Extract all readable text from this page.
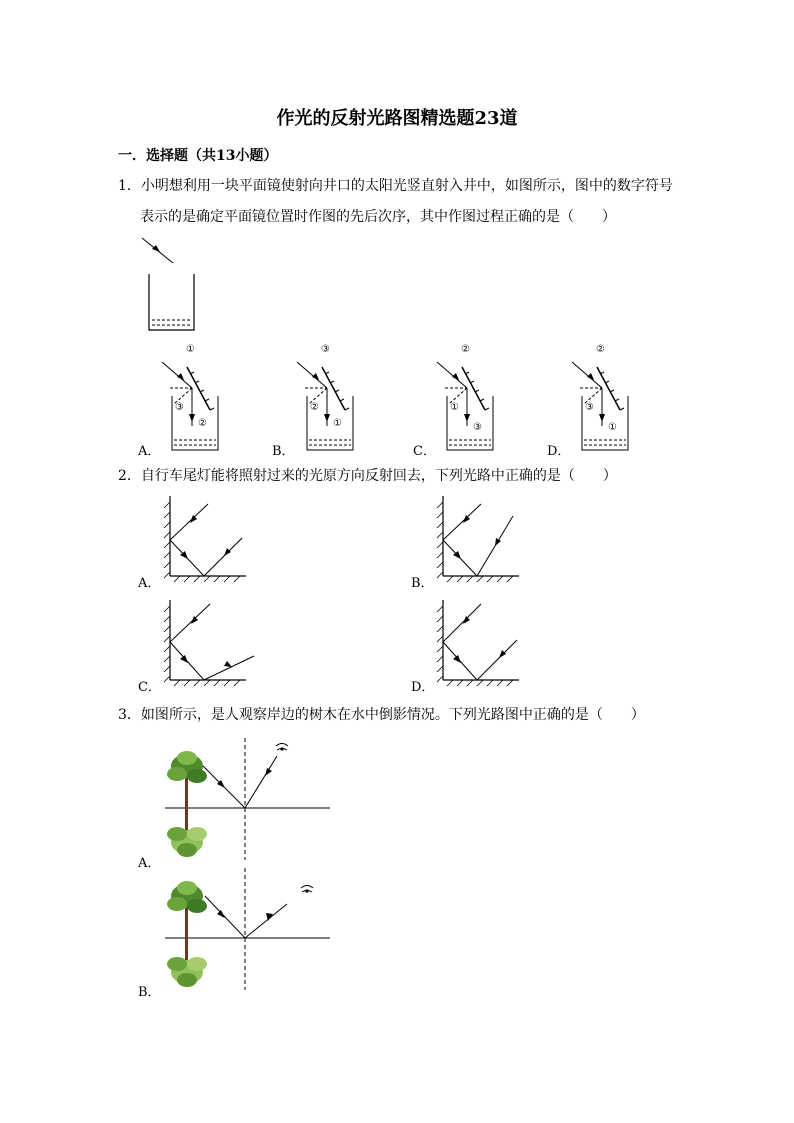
作光的反射光路图精选题23道
一．选择题（共13小题）
1．小明想利用一块平面镜使射向井口的太阳光竖直射入井中，如图所示，图中的数字符号
表示的是确定平面镜位置时作图的先后次序，其中作图过程正确的是（　　）
A．
①
②
③
B．
③
①
②
C．
②
③
①
D．
②
①
③
2．自行车尾灯能将照射过来的光原方向反射回去，下列光路中正确的是（　　）
A．	B．
C．	D．
3．如图所示，是人观察岸边的树木在水中倒影情况。下列光路图中正确的是（　　）
A．
B．
